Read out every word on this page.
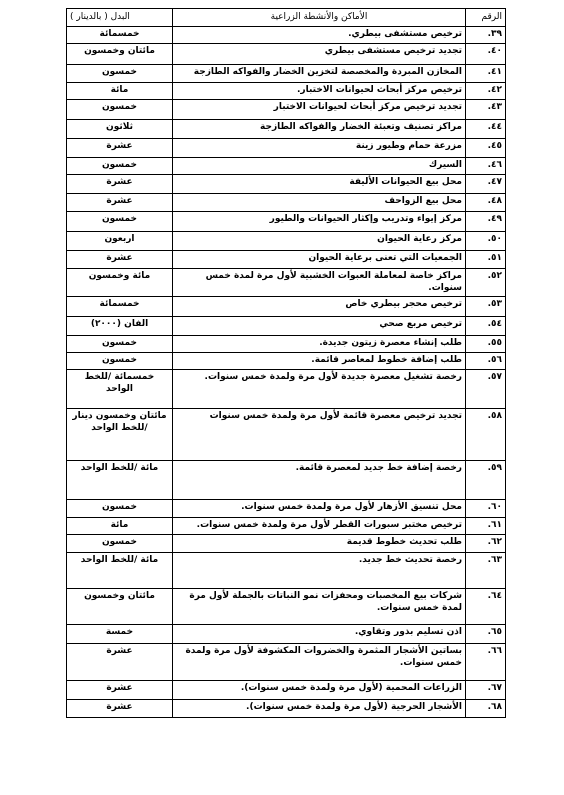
الرقم	الأماكن والأنشطة الزراعية	البدل ( بالدينار )
٣٩.	ترخيص مستشفى بيطري.	خمسمائة
٤٠.	تجديد ترخيص مستشفى بيطري	مائتان وخمسون
٤١.	المخازن المبردة والمخصصة لتخزين الخضار والفواكه الطازجة	خمسون
٤٢.	ترخيص مركز أبحاث لحيوانات الاختبار.	مائة
٤٣.	تجديد ترخيص مركز أبحاث لحيوانات الاختبار	خمسون
٤٤.	مراكز تصنيف وتعبئة الخضار والفواكه الطازجة	ثلاثون
٤٥.	مزرعة حمام وطيور زينة	عشرة
٤٦.	السيرك	خمسون
٤٧.	محل بيع الحيوانات الأليفة	عشرة
٤٨.	محل بيع الزواحف	عشرة
٤٩.	مركز إيواء وتدريب وإكثار الحيوانات والطيور	خمسون
٥٠.	مركز رعاية الحيوان	اربعون
٥١.	الجمعيات التي تعنى برعاية الحيوان	عشرة
٥٢.	مراكز خاصة لمعاملة العبوات الخشبية لأول مرة لمدة خمس سنوات.	مائة وخمسون
٥٣.	ترخيص محجر بيطري خاص	خمسمائة
٥٤.	ترخيص مربع صحي	الفان (٢٠٠٠)
٥٥.	طلب إنشاء معصرة زيتون جديدة.	خمسون
٥٦.	طلب إضافة خطوط لمعاصر قائمة.	خمسون
٥٧.	رخصة تشغيل معصرة جديدة لأول مرة ولمدة خمس سنوات.	خمسمائة /للخط الواحد
٥٨.	تجديد ترخيص معصرة قائمة لأول مرة ولمدة خمس سنوات	مائتان وخمسون دينار /للخط الواحد
٥٩.	رخصة إضافة خط جديد لمعصرة قائمة.	مائة /للخط الواحد
٦٠.	محل تنسيق الأزهار لأول مرة ولمدة خمس سنوات.	خمسون
٦١.	ترخيص مختبر سبورات القطر لأول مرة ولمدة خمس سنوات.	مائة
٦٢.	طلب تحديث خطوط قديمة	خمسون
٦٣.	رخصة تحديث خط جديد.	مائة /للخط الواحد
٦٤.	شركات بيع المخصبات ومحفزات نمو النباتات بالجملة لأول مرة لمدة خمس سنوات.	مائتان وخمسون
٦٥.	اذن تسليم بذور وتقاوي.	خمسة
٦٦.	بساتين الأشجار المثمرة والخضروات المكشوفة لأول مرة ولمدة خمس سنوات.	عشرة
٦٧.	الزراعات المحمية (لأول مرة ولمدة خمس سنوات).	عشرة
٦٨.	الأشجار الحرجية (لأول مرة ولمدة خمس سنوات).	عشرة
